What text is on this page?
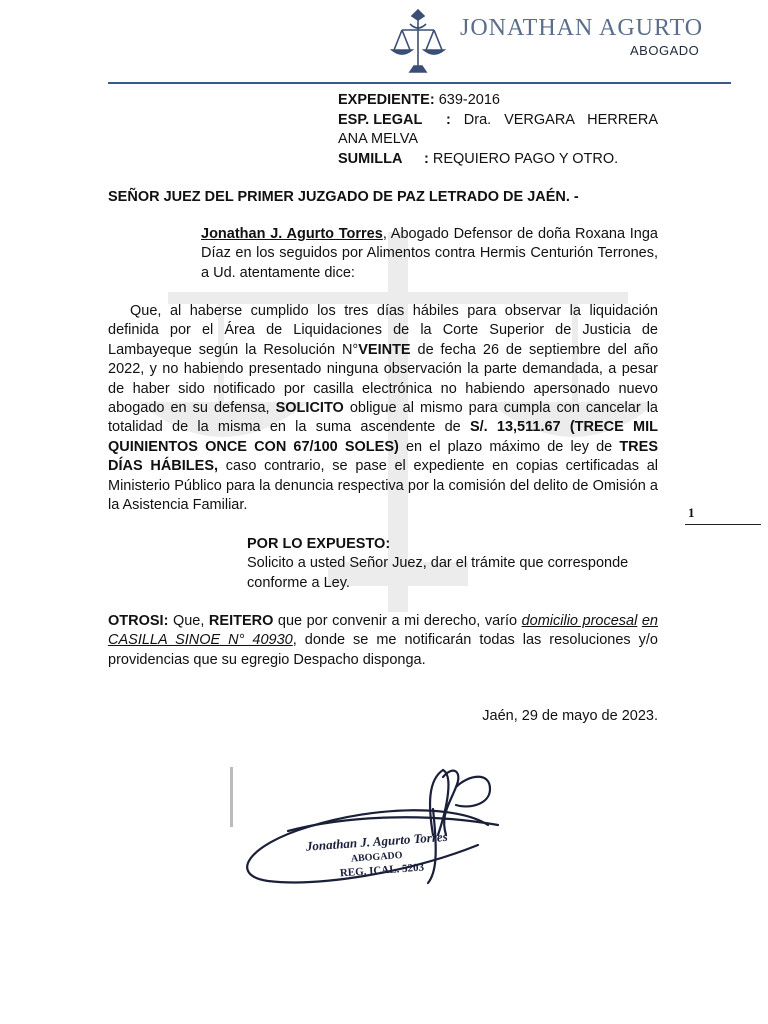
JONATHAN AGURTO
ABOGADO
EXPEDIENTE: 639-2016
ESP. LEGAL : Dra. VERGARA HERRERA ANA MELVA
SUMILLA : REQUIERO PAGO Y OTRO.
SEÑOR JUEZ DEL PRIMER JUZGADO DE PAZ LETRADO DE JAÉN. -
Jonathan J. Agurto Torres, Abogado Defensor de doña Roxana Inga Díaz en los seguidos por Alimentos contra Hermis Centurión Terrones, a Ud. atentamente dice:
Que, al haberse cumplido los tres días hábiles para observar la liquidación definida por el Área de Liquidaciones de la Corte Superior de Justicia de Lambayeque según la Resolución N°VEINTE de fecha 26 de septiembre del año 2022, y no habiendo presentado ninguna observación la parte demandada, a pesar de haber sido notificado por casilla electrónica no habiendo apersonado nuevo abogado en su defensa, SOLICITO obligue al mismo para cumpla con cancelar la totalidad de la misma en la suma ascendente de S/. 13,511.67 (TRECE MIL QUINIENTOS ONCE CON 67/100 SOLES) en el plazo máximo de ley de TRES DÍAS HÁBILES, caso contrario, se pase el expediente en copias certificadas al Ministerio Público para la denuncia respectiva por la comisión del delito de Omisión a la Asistencia Familiar.	1
POR LO EXPUESTO:
Solicito a usted Señor Juez, dar el trámite que corresponde conforme a Ley.
OTROSI: Que, REITERO que por convenir a mi derecho, varío domicilio procesal en CASILLA SINOE N° 40930, donde se me notificarán todas las resoluciones y/o providencias que su egregio Despacho disponga.
Jaén, 29 de mayo de 2023.
Jonathan J. Agurto Torres
ABOGADO
REG. ICAL. 5203
